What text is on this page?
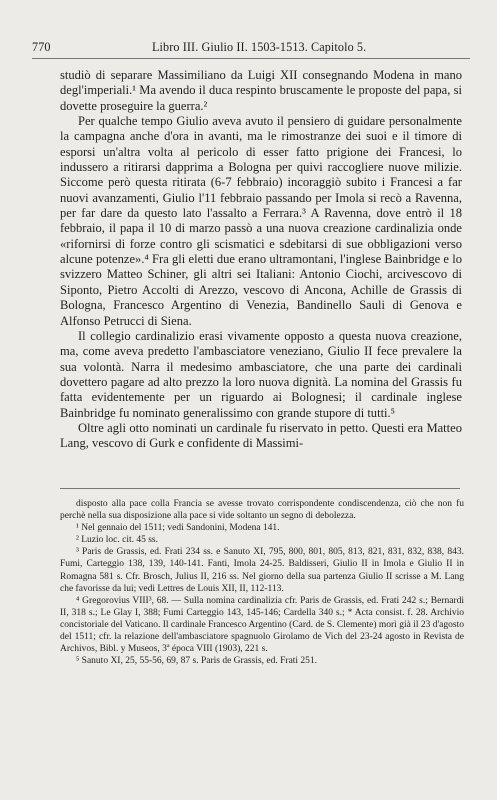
770	Libro III. Giulio II. 1503-1513. Capitolo 5.

studiò di separare Massimiliano da Luigi XII consegnando Modena in mano degl'imperiali.¹ Ma avendo il duca respinto bruscamente le proposte del papa, si dovette proseguire la guerra.²

Per qualche tempo Giulio aveva avuto il pensiero di guidare personalmente la campagna anche d'ora in avanti, ma le rimostranze dei suoi e il timore di esporsi un'altra volta al pericolo di esser fatto prigione dei Francesi, lo indussero a ritirarsi dapprima a Bologna per quivi raccogliere nuove milizie. Siccome però questa ritirata (6-7 febbraio) incoraggiò subito i Francesi a far nuovi avanzamenti, Giulio l'11 febbraio passando per Imola si recò a Ravenna, per far dare da questo lato l'assalto a Ferrara.³ A Ravenna, dove entrò il 18 febbraio, il papa il 10 di marzo passò a una nuova creazione cardinalizia onde «rifornirsi di forze contro gli scismatici e sdebitarsi di sue obbligazioni verso alcune potenze».⁴ Fra gli eletti due erano ultramontani, l'inglese Bainbridge e lo svizzero Matteo Schiner, gli altri sei Italiani: Antonio Ciochi, arcivescovo di Siponto, Pietro Accolti di Arezzo, vescovo di Ancona, Achille de Grassis di Bologna, Francesco Argentino di Venezia, Bandinello Sauli di Genova e Alfonso Petrucci di Siena.

Il collegio cardinalizio erasi vivamente opposto a questa nuova creazione, ma, come aveva predetto l'ambasciatore veneziano, Giulio II fece prevalere la sua volontà. Narra il medesimo ambasciatore, che una parte dei cardinali dovettero pagare ad alto prezzo la loro nuova dignità. La nomina del Grassis fu fatta evidentemente per un riguardo ai Bolognesi; il cardinale inglese Bainbridge fu nominato generalissimo con grande stupore di tutti.⁵

Oltre agli otto nominati un cardinale fu riservato in petto. Questi era Matteo Lang, vescovo di Gurk e confidente di Massimi-

disposto alla pace colla Francia se avesse trovato corrispondente condiscendenza, ciò che non fu perchè nella sua disposizione alla pace si vide soltanto un segno di debolezza.

¹ Nel gennaio del 1511; vedi Sandonini, Modena 141.

² Luzio loc. cit. 45 ss.

³ Paris de Grassis, ed. Frati 234 ss. e Sanuto XI, 795, 800, 801, 805, 813, 821, 831, 832, 838, 843. Fumi, Carteggio 138, 139, 140-141. Fanti, Imola 24-25. Baldisseri, Giulio II in Imola e Giulio II in Romagna 581 s. Cfr. Brosch, Julius II, 216 ss. Nel giorno della sua partenza Giulio II scrisse a M. Lang che favorisse da lui; vedi Lettres de Louis XII, II, 112-113.

⁴ Gregorovius VIII³, 68. — Sulla nomina cardinalizia cfr. Paris de Grassis, ed. Frati 242 s.; Bernardi II, 318 s.; Le Glay I, 388; Fumi Carteggio 143, 145-146; Cardella 340 s.; * Acta consist. f. 28. Archivio concistoriale del Vaticano. Il cardinale Francesco Argentino (Card. de S. Clemente) morì già il 23 d'agosto del 1511; cfr. la relazione dell'ambasciatore spagnuolo Girolamo de Vich del 23-24 agosto in Revista de Archivos, Bibl. y Museos, 3ª época VIII (1903), 221 s.

⁵ Sanuto XI, 25, 55-56, 69, 87 s. Paris de Grassis, ed. Frati 251.
